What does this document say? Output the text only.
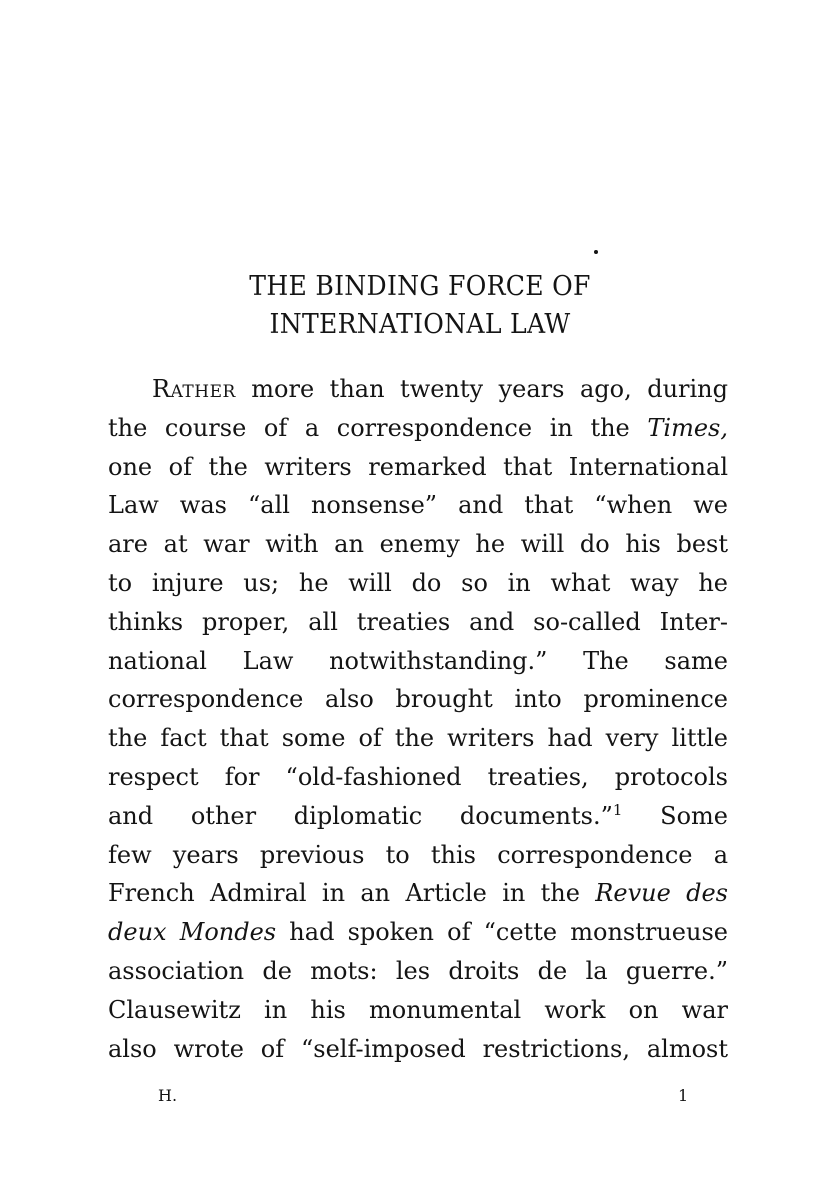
THE BINDING FORCE OF
INTERNATIONAL LAW
Rather more than twenty years ago, during
the course of a correspondence in the Times,
one of the writers remarked that International
Law was “all nonsense” and that “when we
are at war with an enemy he will do his best
to injure us; he will do so in what way he
thinks proper, all treaties and so-called Inter-
national Law notwithstanding.” The same
correspondence also brought into prominence
the fact that some of the writers had very little
respect for “old-fashioned treaties, protocols
and other diplomatic documents.”$^1$ Some
few years previous to this correspondence a
French Admiral in an Article in the Revue des
deux Mondes had spoken of “cette monstrueuse
association de mots: les droits de la guerre.”
Clausewitz in his monumental work on war
also wrote of “self-imposed restrictions, almost
H.	1
